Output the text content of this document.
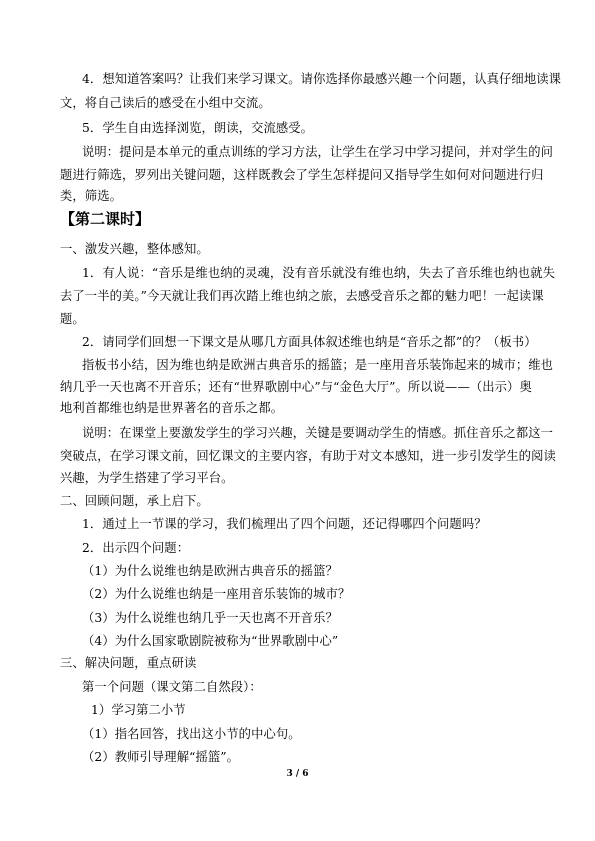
4．想知道答案吗？让我们来学习课文。请你选择你最感兴趣一个问题，认真仔细地读课
文，将自己读后的感受在小组中交流。
5．学生自由选择浏览，朗读，交流感受。
说明：提问是本单元的重点训练的学习方法，让学生在学习中学习提问，并对学生的问
题进行筛选，罗列出关键问题，这样既教会了学生怎样提问又指导学生如何对问题进行归
类，筛选。
【第二课时】
一、激发兴趣，整体感知。
1．有人说：“音乐是维也纳的灵魂，没有音乐就没有维也纳，失去了音乐维也纳也就失
去了一半的美。”今天就让我们再次踏上维也纳之旅，去感受音乐之都的魅力吧！一起读课
题。
2．请同学们回想一下课文是从哪几方面具体叙述维也纳是“音乐之都”的？（板书）
指板书小结，因为维也纳是欧洲古典音乐的摇篮；是一座用音乐装饰起来的城市；维也
纳几乎一天也离不开音乐；还有“世界歌剧中心”与“金色大厅”。所以说——（出示）奥
地利首都维也纳是世界著名的音乐之都。
说明：在课堂上要激发学生的学习兴趣，关键是要调动学生的情感。抓住音乐之都这一
突破点，在学习课文前，回忆课文的主要内容，有助于对文本感知，进一步引发学生的阅读
兴趣，为学生搭建了学习平台。
二、回顾问题，承上启下。
1．通过上一节课的学习，我们梳理出了四个问题，还记得哪四个问题吗？
2．出示四个问题：
（1）为什么说维也纳是欧洲古典音乐的摇篮？
（2）为什么说维也纳是一座用音乐装饰的城市？
（3）为什么说维也纳几乎一天也离不开音乐？
（4）为什么国家歌剧院被称为“世界歌剧中心”
三、解决问题，重点研读
第一个问题（课文第二自然段）：
1）学习第二小节
（1）指名回答，找出这小节的中心句。
（2）教师引导理解“摇篮”。
3 / 6
